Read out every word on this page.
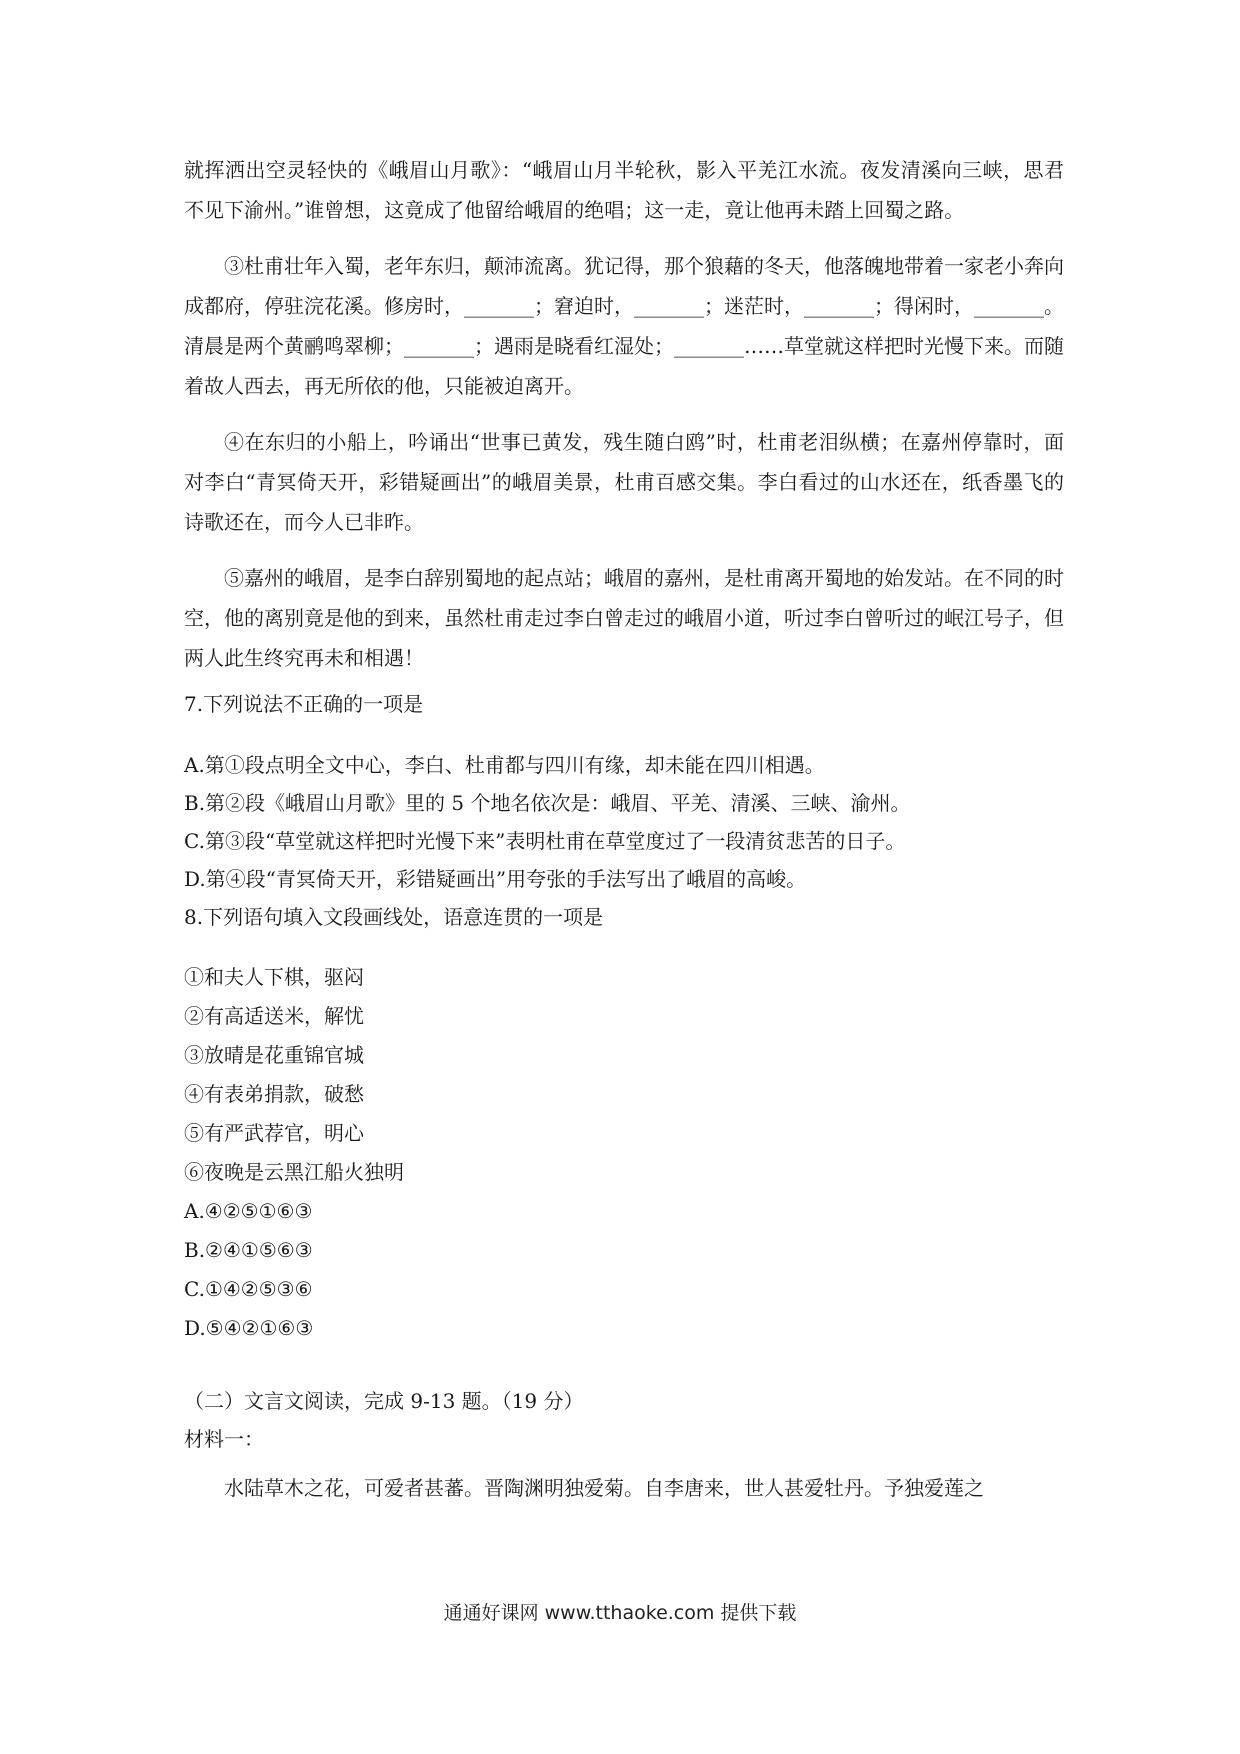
就挥洒出空灵轻快的《峨眉山月歌》：“峨眉山月半轮秋，影入平羌江水流。夜发清溪向三峡，思君不见下渝州。”谁曾想，这竟成了他留给峨眉的绝唱；这一走，竟让他再未踏上回蜀之路。

③杜甫壮年入蜀，老年东归，颠沛流离。犹记得，那个狼藉的冬天，他落魄地带着一家老小奔向成都府，停驻浣花溪。修房时，_______；窘迫时，_______；迷茫时，_______；得闲时，_______。清晨是两个黄鹂鸣翠柳；_______；遇雨是晓看红湿处；_______……草堂就这样把时光慢下来。而随着故人西去，再无所依的他，只能被迫离开。

④在东归的小船上，吟诵出“世事已黄发，残生随白鸥”时，杜甫老泪纵横；在嘉州停靠时，面对李白“青冥倚天开，彩错疑画出”的峨眉美景，杜甫百感交集。李白看过的山水还在，纸香墨飞的诗歌还在，而今人已非昨。

⑤嘉州的峨眉，是李白辞别蜀地的起点站；峨眉的嘉州，是杜甫离开蜀地的始发站。在不同的时空，他的离别竟是他的到来，虽然杜甫走过李白曾走过的峨眉小道，听过李白曾听过的岷江号子，但两人此生终究再未和相遇！

7.下列说法不正确的一项是

A.第①段点明全文中心，李白、杜甫都与四川有缘，却未能在四川相遇。

B.第②段《峨眉山月歌》里的 5 个地名依次是：峨眉、平羌、清溪、三峡、渝州。

C.第③段“草堂就这样把时光慢下来”表明杜甫在草堂度过了一段清贫悲苦的日子。

D.第④段“青冥倚天开，彩错疑画出”用夸张的手法写出了峨眉的高峻。

8.下列语句填入文段画线处，语意连贯的一项是

①和夫人下棋，驱闷

②有高适送米，解忧

③放晴是花重锦官城

④有表弟捐款，破愁

⑤有严武荐官，明心

⑥夜晚是云黑江船火独明

A.④②⑤①⑥③

B.②④①⑤⑥③

C.①④②⑤③⑥

D.⑤④②①⑥③

（二）文言文阅读，完成 9-13 题。（19 分）

材料一：

水陆草木之花，可爱者甚蕃。晋陶渊明独爱菊。自李唐来，世人甚爱牡丹。予独爱莲之

通通好课网 www.tthaoke.com 提供下载
